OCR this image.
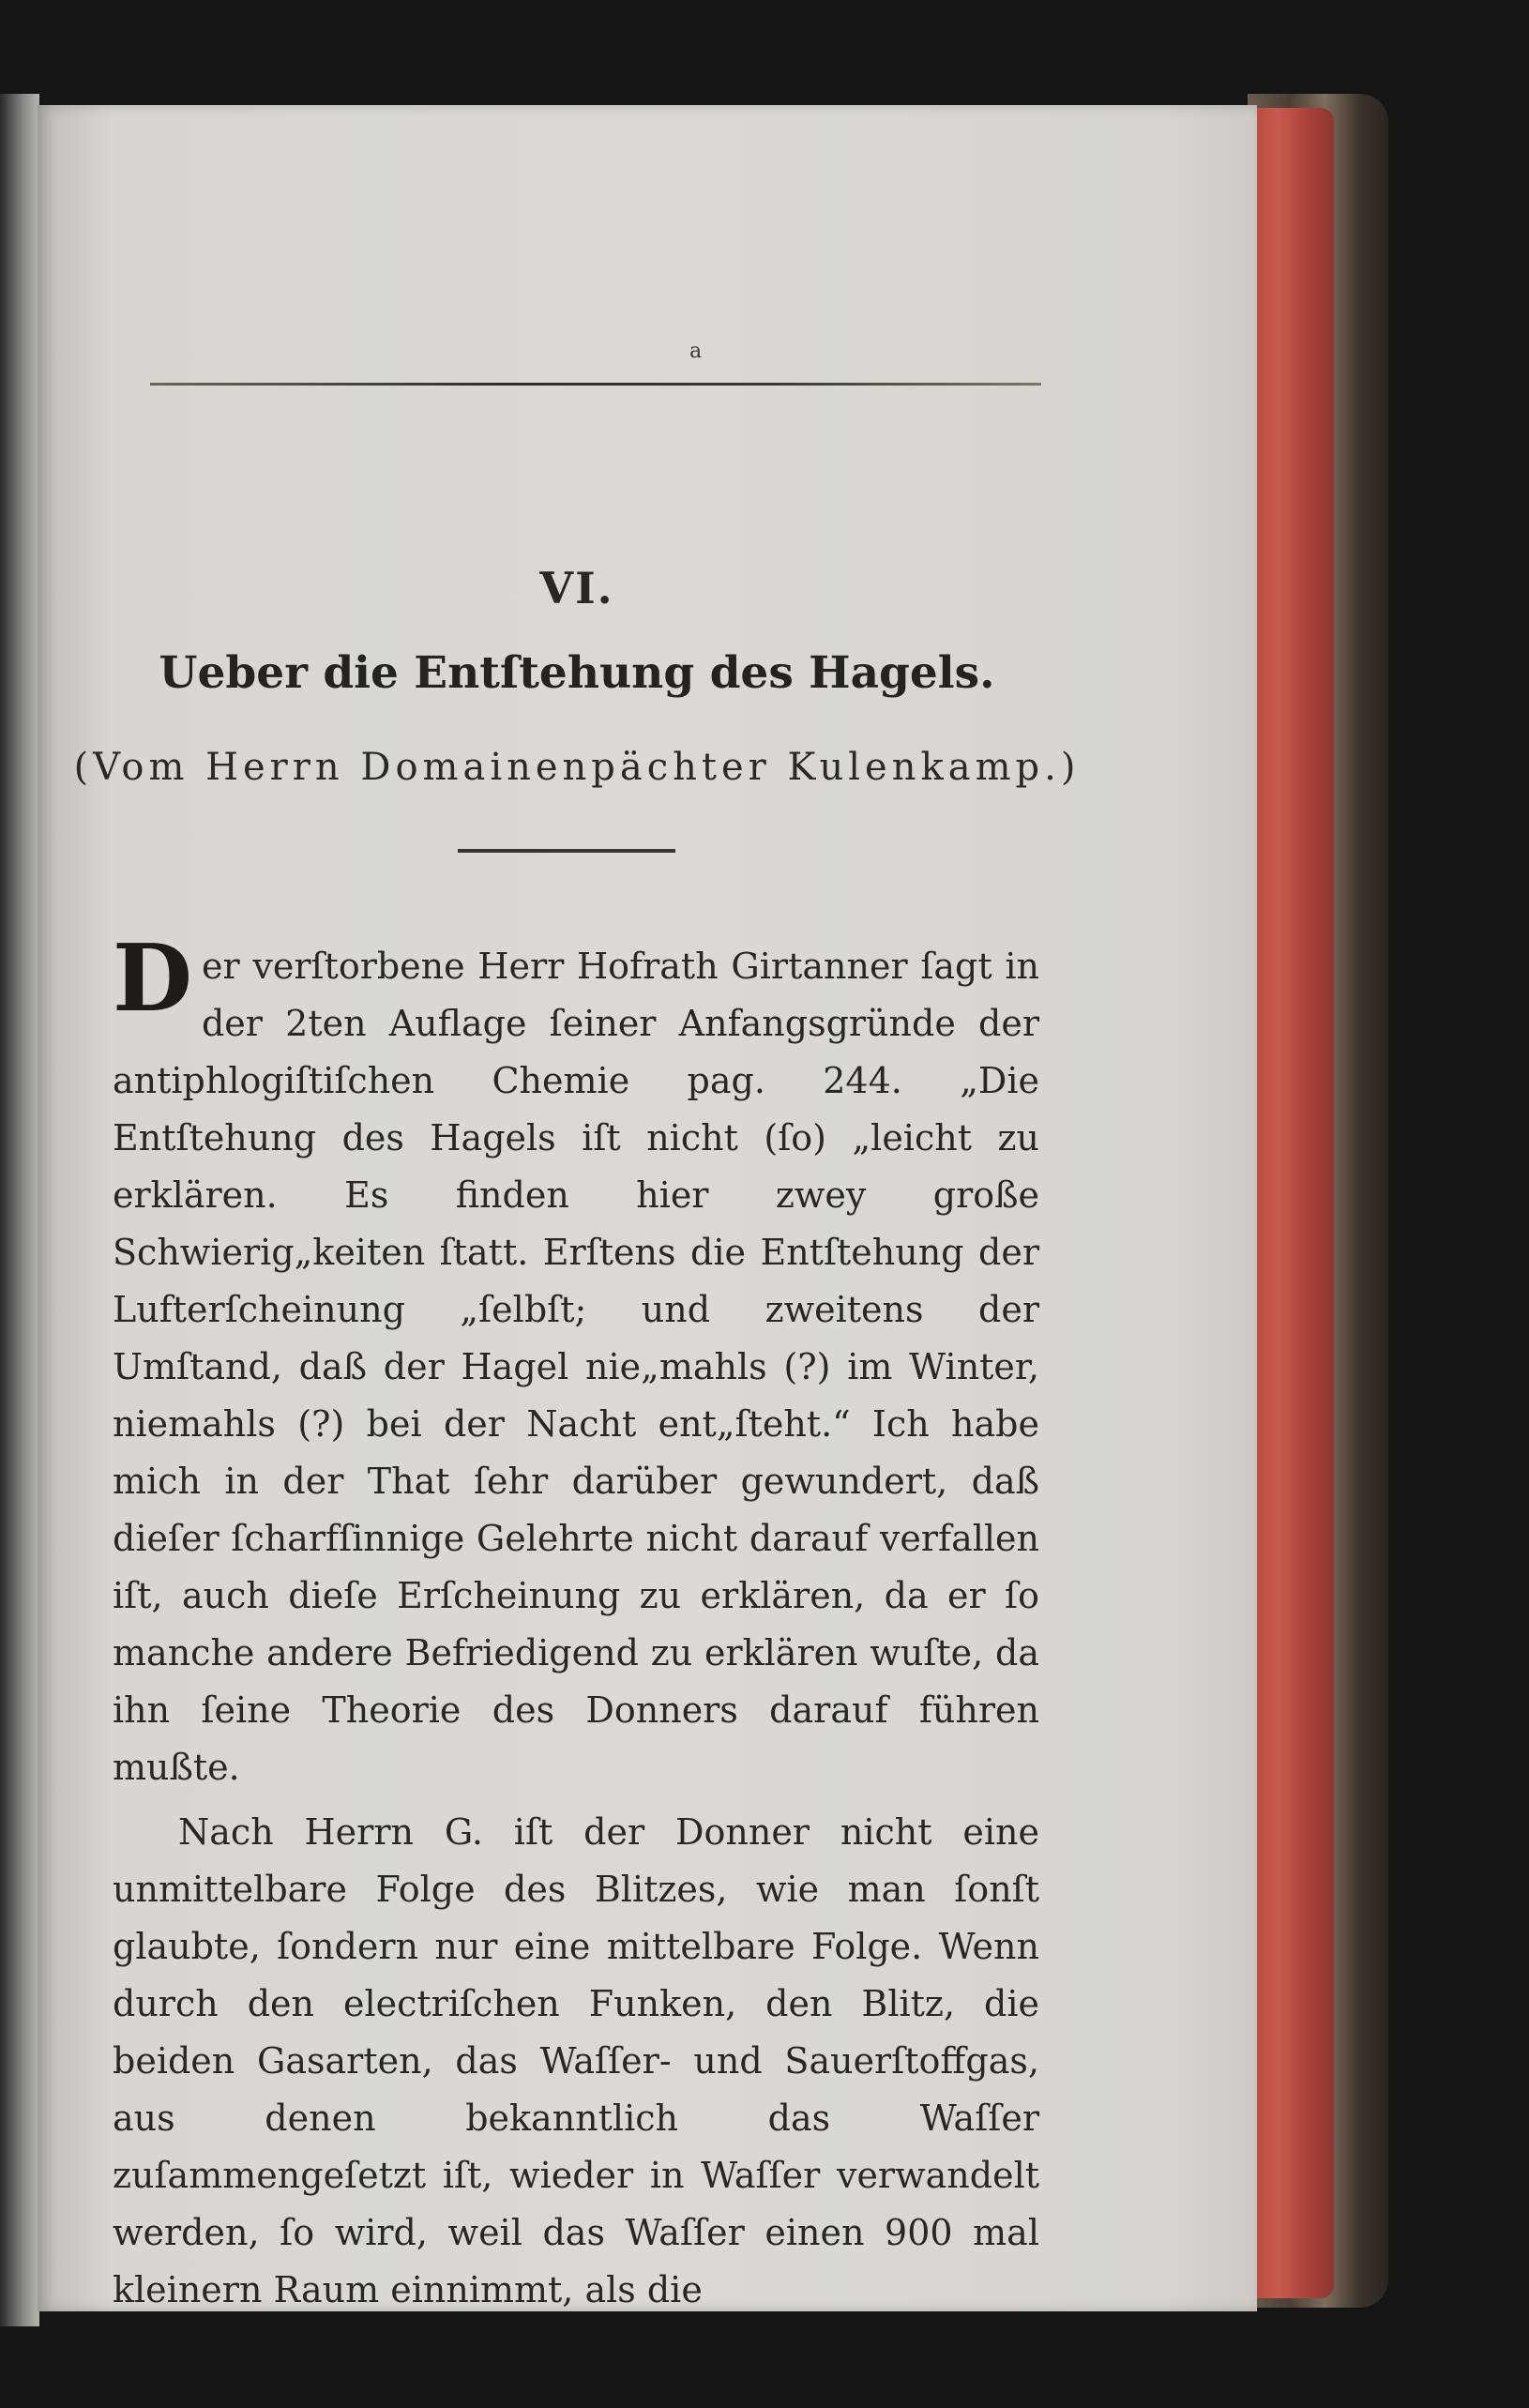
a
VI.
Ueber die Entſtehung des Hagels.
(Vom Herrn Domainenpächter Kulenkamp.)

Der verſtorbene Herr Hofrath Girtanner ſagt in der 2ten Auflage ſeiner Anfangsgründe der antiphlogiſtiſchen Chemie pag. 244. „Die Entſtehung des Hagels iſt nicht (ſo) „leicht zu erklären. Es finden hier zwey große Schwierig„keiten ſtatt. Erſtens die Entſtehung der Lufterſcheinung „ſelbſt; und zweitens der Umſtand, daß der Hagel nie„mahls (?) im Winter, niemahls (?) bei der Nacht ent„ſteht.“ Ich habe mich in der That ſehr darüber gewundert, daß dieſer ſcharfſinnige Gelehrte nicht darauf verfallen iſt, auch dieſe Erſcheinung zu erklären, da er ſo manche andere Befriedigend zu erklären wuſte, da ihn ſeine Theorie des Donners darauf führen mußte.

Nach Herrn G. iſt der Donner nicht eine unmittelbare Folge des Blitzes, wie man ſonſt glaubte, ſondern nur eine mittelbare Folge. Wenn durch den electriſchen Funken, den Blitz, die beiden Gasarten, das Waſſer- und Sauerſtoffgas, aus denen bekanntlich das Waſſer zuſammengeſetzt iſt, wieder in Waſſer verwandelt werden, ſo wird, weil das Waſſer einen 900 mal kleinern Raum einnimmt, als die
